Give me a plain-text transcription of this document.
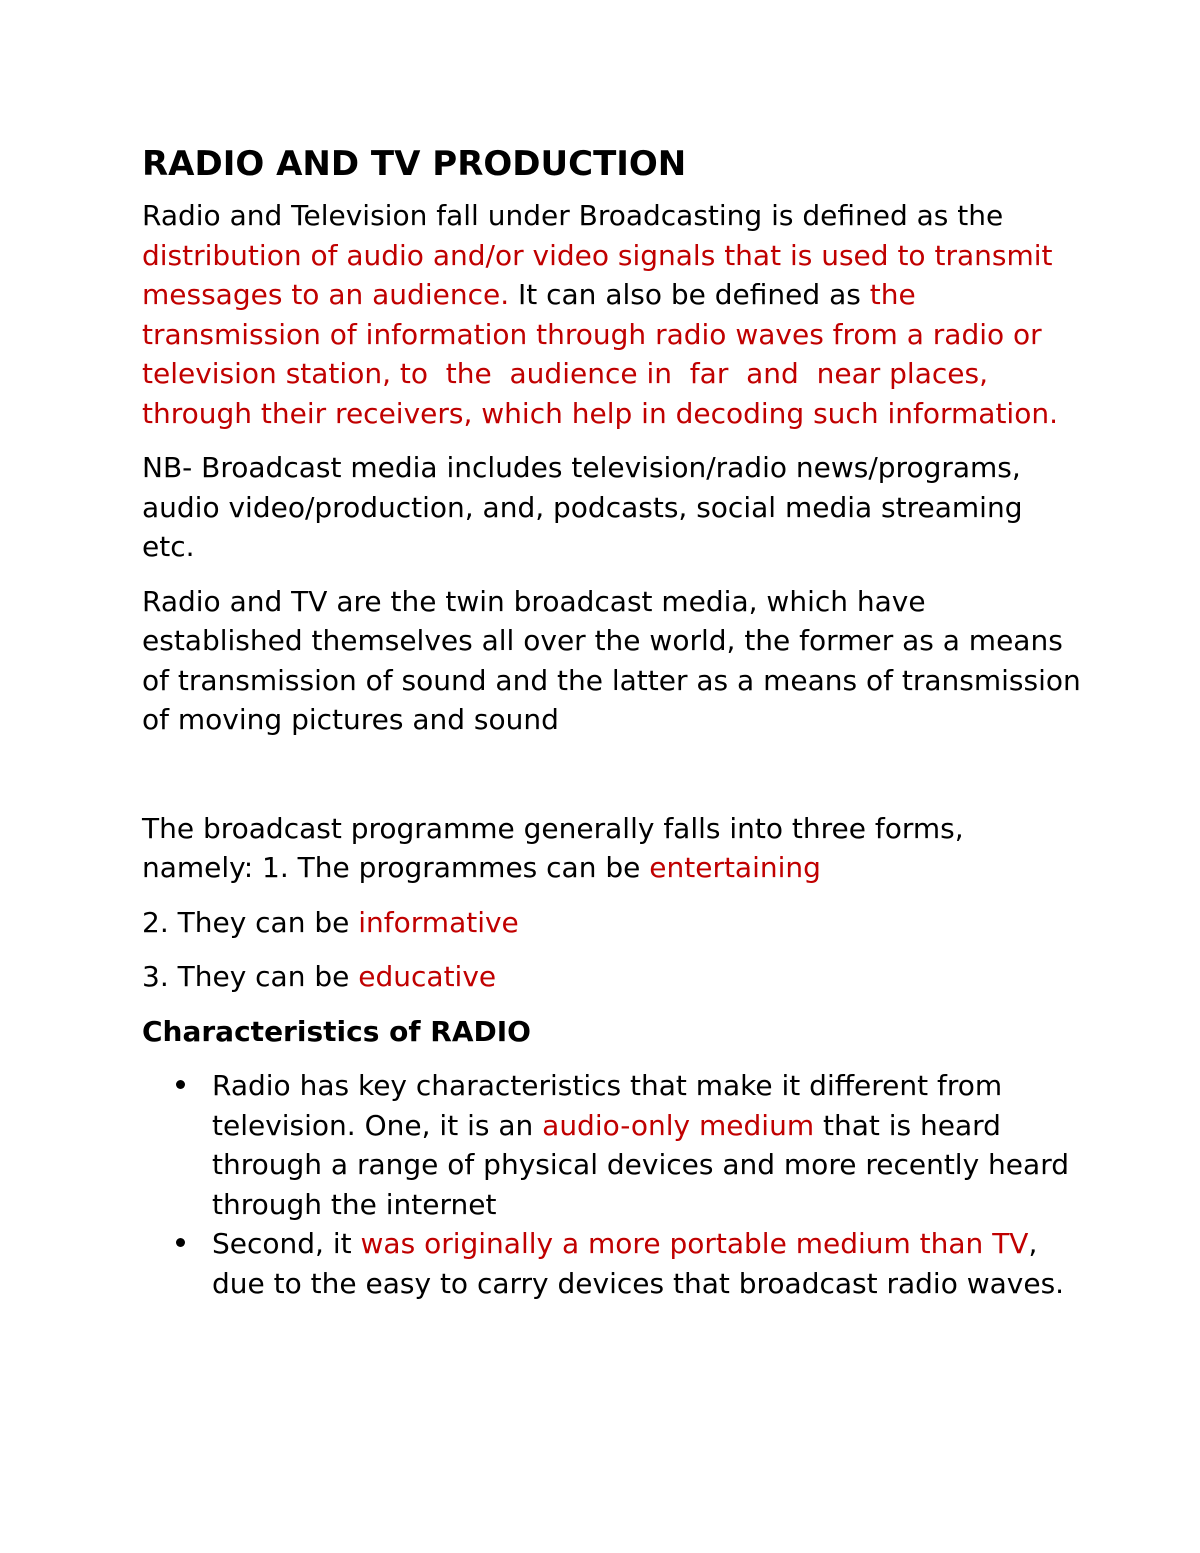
RADIO AND TV PRODUCTION

Radio and Television fall under Broadcasting is defined as the distribution of audio and/or video signals that is used to transmit messages to an audience. It can also be defined as the transmission of information through radio waves from a radio or television station, to  the  audience in  far  and  near places, through their receivers, which help in decoding such information.

NB- Broadcast media includes television/radio news/programs, audio video/production, and, podcasts, social media streaming etc.

Radio and TV are the twin broadcast media, which have established themselves all over the world, the former as a means of transmission of sound and the latter as a means of transmission of moving pictures and sound

The broadcast programme generally falls into three forms, namely: 1. The programmes can be entertaining

2. They can be informative

3. They can be educative

Characteristics of RADIO
Radio has key characteristics that make it different from television. One, it is an audio-only medium that is heard through a range of physical devices and more recently heard through the internet
Second, it was originally a more portable medium than TV, due to the easy to carry devices that broadcast radio waves.
